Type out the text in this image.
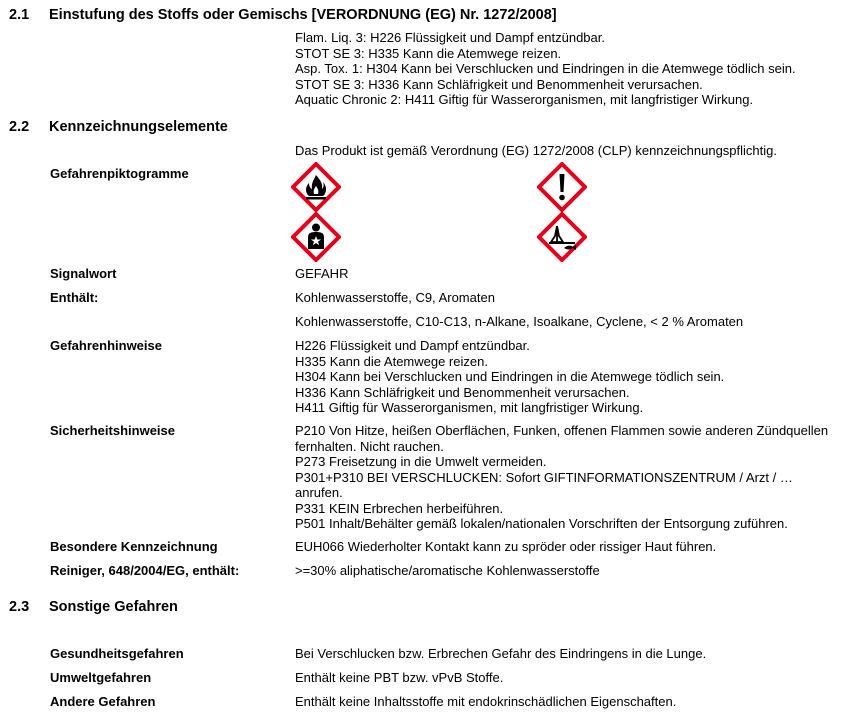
2.1 Einstufung des Stoffs oder Gemischs [VERORDNUNG (EG) Nr. 1272/2008]
Flam. Liq. 3: H226 Flüssigkeit und Dampf entzündbar.
STOT SE 3: H335 Kann die Atemwege reizen.
Asp. Tox. 1: H304 Kann bei Verschlucken und Eindringen in die Atemwege tödlich sein.
STOT SE 3: H336 Kann Schläfrigkeit und Benommenheit verursachen.
Aquatic Chronic 2: H411 Giftig für Wasserorganismen, mit langfristiger Wirkung.
2.2 Kennzeichnungselemente
Das Produkt ist gemäß Verordnung (EG) 1272/2008 (CLP) kennzeichnungspflichtig.
Gefahrenpiktogramme
Signalwort	GEFAHR
Enthält:	Kohlenwasserstoffe, C9, Aromaten
Kohlenwasserstoffe, C10-C13, n-Alkane, Isoalkane, Cyclene, < 2 % Aromaten
Gefahrenhinweise	H226 Flüssigkeit und Dampf entzündbar.
H335 Kann die Atemwege reizen.
H304 Kann bei Verschlucken und Eindringen in die Atemwege tödlich sein.
H336 Kann Schläfrigkeit und Benommenheit verursachen.
H411 Giftig für Wasserorganismen, mit langfristiger Wirkung.
Sicherheitshinweise	P210 Von Hitze, heißen Oberflächen, Funken, offenen Flammen sowie anderen Zündquellen
fernhalten. Nicht rauchen.
P273 Freisetzung in die Umwelt vermeiden.
P301+P310 BEI VERSCHLUCKEN: Sofort GIFTINFORMATIONSZENTRUM / Arzt / …
anrufen.
P331 KEIN Erbrechen herbeiführen.
P501 Inhalt/Behälter gemäß lokalen/nationalen Vorschriften der Entsorgung zuführen.
Besondere Kennzeichnung	EUH066 Wiederholter Kontakt kann zu spröder oder rissiger Haut führen.
Reiniger, 648/2004/EG, enthält:	>=30% aliphatische/aromatische Kohlenwasserstoffe
2.3 Sonstige Gefahren
Gesundheitsgefahren	Bei Verschlucken bzw. Erbrechen Gefahr des Eindringens in die Lunge.
Umweltgefahren	Enthält keine PBT bzw. vPvB Stoffe.
Andere Gefahren	Enthält keine Inhaltsstoffe mit endokrinschädlichen Eigenschaften.
